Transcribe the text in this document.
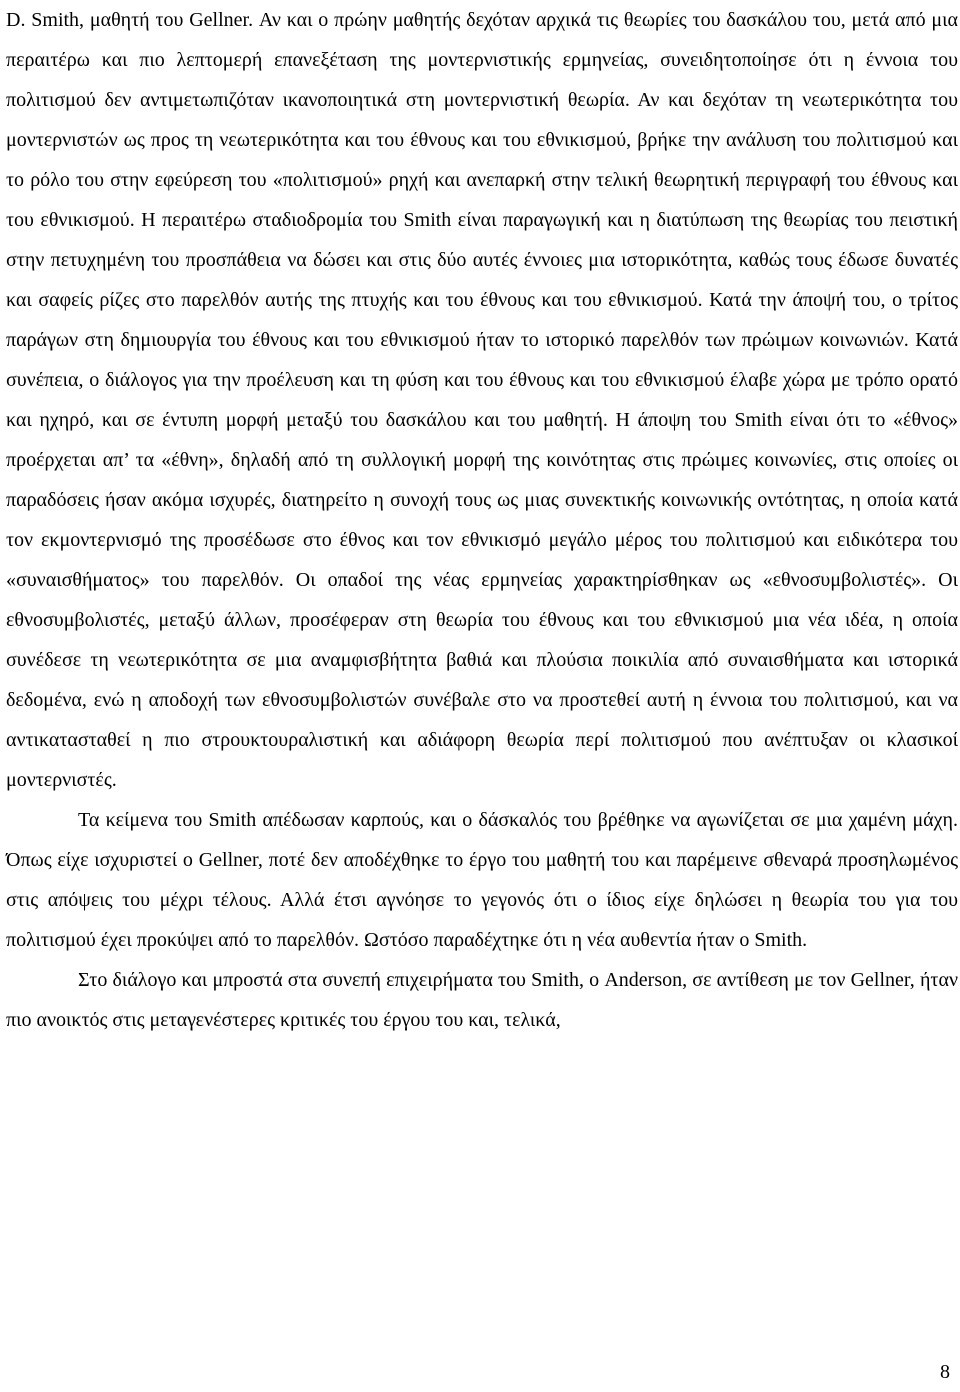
D. Smith, μαθητή του Gellner. Αν και ο πρώην μαθητής δεχόταν αρχικά τις θεωρίες του δασκάλου του, μετά από μια περαιτέρω και πιο λεπτομερή επανεξέταση της μοντερνιστικής ερμηνείας, συνειδητοποίησε ότι η έννοια του πολιτισμού δεν αντιμετωπιζόταν ικανοποιητικά στη μοντερνιστική θεωρία. Αν και δεχόταν τη νεωτερικότητα του μοντερνιστών ως προς τη νεωτερικότητα και του έθνους και του εθνικισμού, βρήκε την ανάλυση του πολιτισμού και το ρόλο του στην εφεύρεση του «πολιτισμού» ρηχή και ανεπαρκή στην τελική θεωρητική περιγραφή του έθνους και του εθνικισμού. Η περαιτέρω σταδιοδρομία του Smith είναι παραγωγική και η διατύπωση της θεωρίας του πειστική στην πετυχημένη του προσπάθεια να δώσει και στις δύο αυτές έννοιες μια ιστορικότητα, καθώς τους έδωσε δυνατές και σαφείς ρίζες στο παρελθόν αυτής της πτυχής και του έθνους και του εθνικισμού. Κατά την άποψή του, ο τρίτος παράγων στη δημιουργία του έθνους και του εθνικισμού ήταν το ιστορικό παρελθόν των πρώιμων κοινωνιών. Κατά συνέπεια, ο διάλογος για την προέλευση και τη φύση και του έθνους και του εθνικισμού έλαβε χώρα με τρόπο ορατό και ηχηρό, και σε έντυπη μορφή μεταξύ του δασκάλου και του μαθητή. Η άποψη του Smith είναι ότι το «έθνος» προέρχεται απ’ τα «έθνη», δηλαδή από τη συλλογική μορφή της κοινότητας στις πρώιμες κοινωνίες, στις οποίες οι παραδόσεις ήσαν ακόμα ισχυρές, διατηρείτο η συνοχή τους ως μιας συνεκτικής κοινωνικής οντότητας, η οποία κατά τον εκμοντερνισμό της προσέδωσε στο έθνος και τον εθνικισμό μεγάλο μέρος του πολιτισμού και ειδικότερα του «συναισθήματος» του παρελθόν. Οι οπαδοί της νέας ερμηνείας χαρακτηρίσθηκαν ως «εθνοσυμβολιστές». Οι εθνοσυμβολιστές, μεταξύ άλλων, προσέφεραν στη θεωρία του έθνους και του εθνικισμού μια νέα ιδέα, η οποία συνέδεσε τη νεωτερικότητα σε μια αναμφισβήτητα βαθιά και πλούσια ποικιλία από συναισθήματα και ιστορικά δεδομένα, ενώ η αποδοχή των εθνοσυμβολιστών συνέβαλε στο να προστεθεί αυτή η έννοια του πολιτισμού, και να αντικατασταθεί η πιο στρουκτουραλιστική και αδιάφορη θεωρία περί πολιτισμού που ανέπτυξαν οι κλασικοί μοντερνιστές.

Τα κείμενα του Smith απέδωσαν καρπούς, και ο δάσκαλός του βρέθηκε να αγωνίζεται σε μια χαμένη μάχη. Όπως είχε ισχυριστεί ο Gellner, ποτέ δεν αποδέχθηκε το έργο του μαθητή του και παρέμεινε σθεναρά προσηλωμένος στις απόψεις του μέχρι τέλους. Αλλά έτσι αγνόησε το γεγονός ότι ο ίδιος είχε δηλώσει η θεωρία του για του πολιτισμού έχει προκύψει από το παρελθόν. Ωστόσο παραδέχτηκε ότι η νέα αυθεντία ήταν ο Smith.

Στο διάλογο και μπροστά στα συνεπή επιχειρήματα του Smith, ο Anderson, σε αντίθεση με τον Gellner, ήταν πιο ανοικτός στις μεταγενέστερες κριτικές του έργου του και, τελικά,

8
